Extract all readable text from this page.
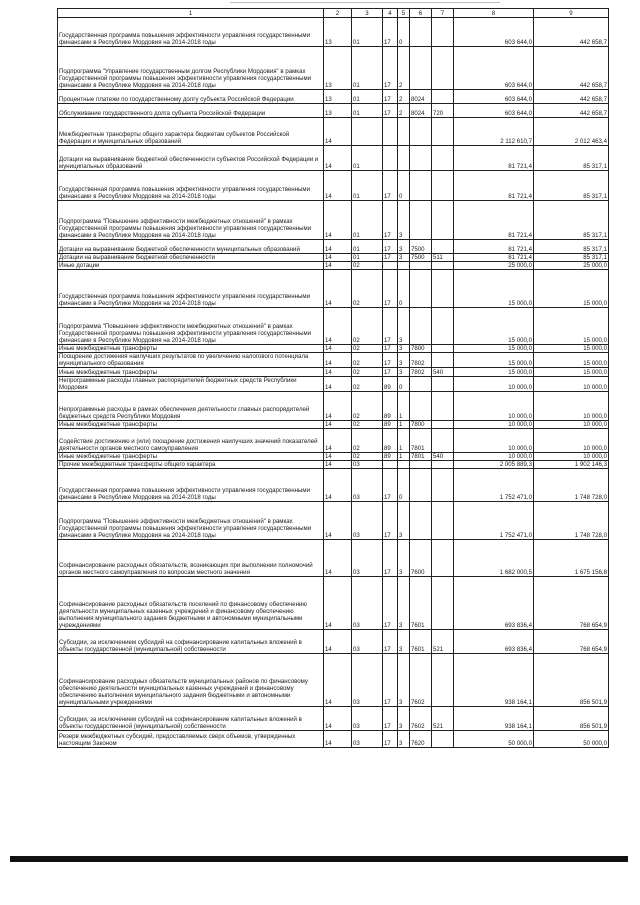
1	2	3	4	5	6	7	8	9
Государственная программа повышения эффективности управления государственными финансами в Республике Мордовия на 2014-2018 годы	13	01	17	0			603 644,0	442 658,7
Подпрограмма "Управление государственным долгом Республики Мордовия" в рамках Государственной программы повышения эффективности управления государственными финансами в Республике Мордовия на 2014-2018 годы	13	01	17	2			603 644,0	442 658,7
Процентные платежи по государственному долгу субъекта Российской Федерации	13	01	17	2	8024		603 644,0	442 658,7
Обслуживание государственного долга субъекта Российской Федерации	13	01	17	2	8024	720	603 644,0	442 658,7
Межбюджетные трансферты общего характера бюджетам субъектов Российской Федерации и муниципальных образований	14						2 112 610,7	2 012 463,4
Дотации на выравнивание бюджетной обеспеченности субъектов Российской Федерации и муниципальных образований	14	01					81 721,4	85 317,1
Государственная программа повышения эффективности управления государственными финансами в Республике Мордовия на 2014-2018 годы	14	01	17	0			81 721,4	85 317,1
Подпрограмма "Повышение эффективности межбюджетных отношений" в рамках Государственной программы повышения эффективности управления государственными финансами в Республике Мордовия на 2014-2018 годы	14	01	17	3			81 721,4	85 317,1
Дотации на выравнивание бюджетной обеспеченности муниципальных образований	14	01	17	3	7500		81 721,4	85 317,1
Дотации на выравнивание бюджетной обеспеченности	14	01	17	3	7500	511	81 721,4	85 317,1
Иные дотации	14	02					25 000,0	25 000,0
Государственная программа повышения эффективности управления государственными финансами в Республике Мордовия на 2014-2018 годы	14	02	17	0			15 000,0	15 000,0
Подпрограмма "Повышение эффективности межбюджетных отношений" в рамках Государственной программы повышения эффективности управления государственными финансами в Республике Мордовия на 2014-2018 годы	14	02	17	3			15 000,0	15 000,0
Иные межбюджетные трансферты	14	02	17	3	7800		15 000,0	15 000,0
Поощрение достижения наилучших результатов по увеличению налогового потенциала муниципального образования	14	02	17	3	7802		15 000,0	15 000,0
Иные межбюджетные трансферты	14	02	17	3	7802	540	15 000,0	15 000,0
Непрограммные расходы главных распорядителей бюджетных средств Республики Мордовия	14	02	89	0			10 000,0	10 000,0
Непрограммные расходы в рамках обеспечения деятельности главных распорядителей бюджетных средств Республики Мордовия	14	02	89	1			10 000,0	10 000,0
Иные межбюджетные трансферты	14	02	89	1	7800		10 000,0	10 000,0
Содействие достижению и (или) поощрение достижения наилучших значений показателей деятельности органов местного самоуправления	14	02	89	1	7801		10 000,0	10 000,0
Иные межбюджетные трансферты	14	02	89	1	7801	540	10 000,0	10 000,0
Прочие межбюджетные трансферты общего характера	14	03					2 005 889,3	1 902 146,3
Государственная программа повышения эффективности управления государственными финансами в Республике Мордовия на 2014-2018 годы	14	03	17	0			1 752 471,0	1 748 728,0
Подпрограмма "Повышение эффективности межбюджетных отношений" в рамках Государственной программы повышения эффективности управления государственными финансами в Республике Мордовия на 2014-2018 годы	14	03	17	3			1 752 471,0	1 748 728,0
Софинансирование расходных обязательств, возникающих при выполнении полномочий органов местного самоуправления по вопросам местного значения	14	03	17	3	7600		1 682 000,5	1 675 156,8
Софинансирование расходных обязательств поселений по финансовому обеспечению деятельности муниципальных казенных учреждений и финансовому обеспечению выполнения муниципального задания бюджетными и автономными муниципальными учреждениями	14	03	17	3	7601		693 836,4	768 654,9
Субсидии, за исключением субсидий на софинансирование капитальных вложений в объекты государственной (муниципальной) собственности	14	03	17	3	7601	521	693 836,4	768 654,9
Софинансирование расходных обязательств муниципальных районов по финансовому обеспечению деятельности муниципальных казенных учреждений и финансовому обеспечению выполнения муниципального задания бюджетными и автономными муниципальными учреждениями	14	03	17	3	7602		938 164,1	856 501,9
Субсидии, за исключением субсидий на софинансирование капитальных вложений в объекты государственной (муниципальной) собственности	14	03	17	3	7602	521	938 164,1	856 501,9
Резерв межбюджетных субсидий, предоставляемых сверх объемов, утвержденных настоящим Законом	14	03	17	3	7620		50 000,0	50 000,0
